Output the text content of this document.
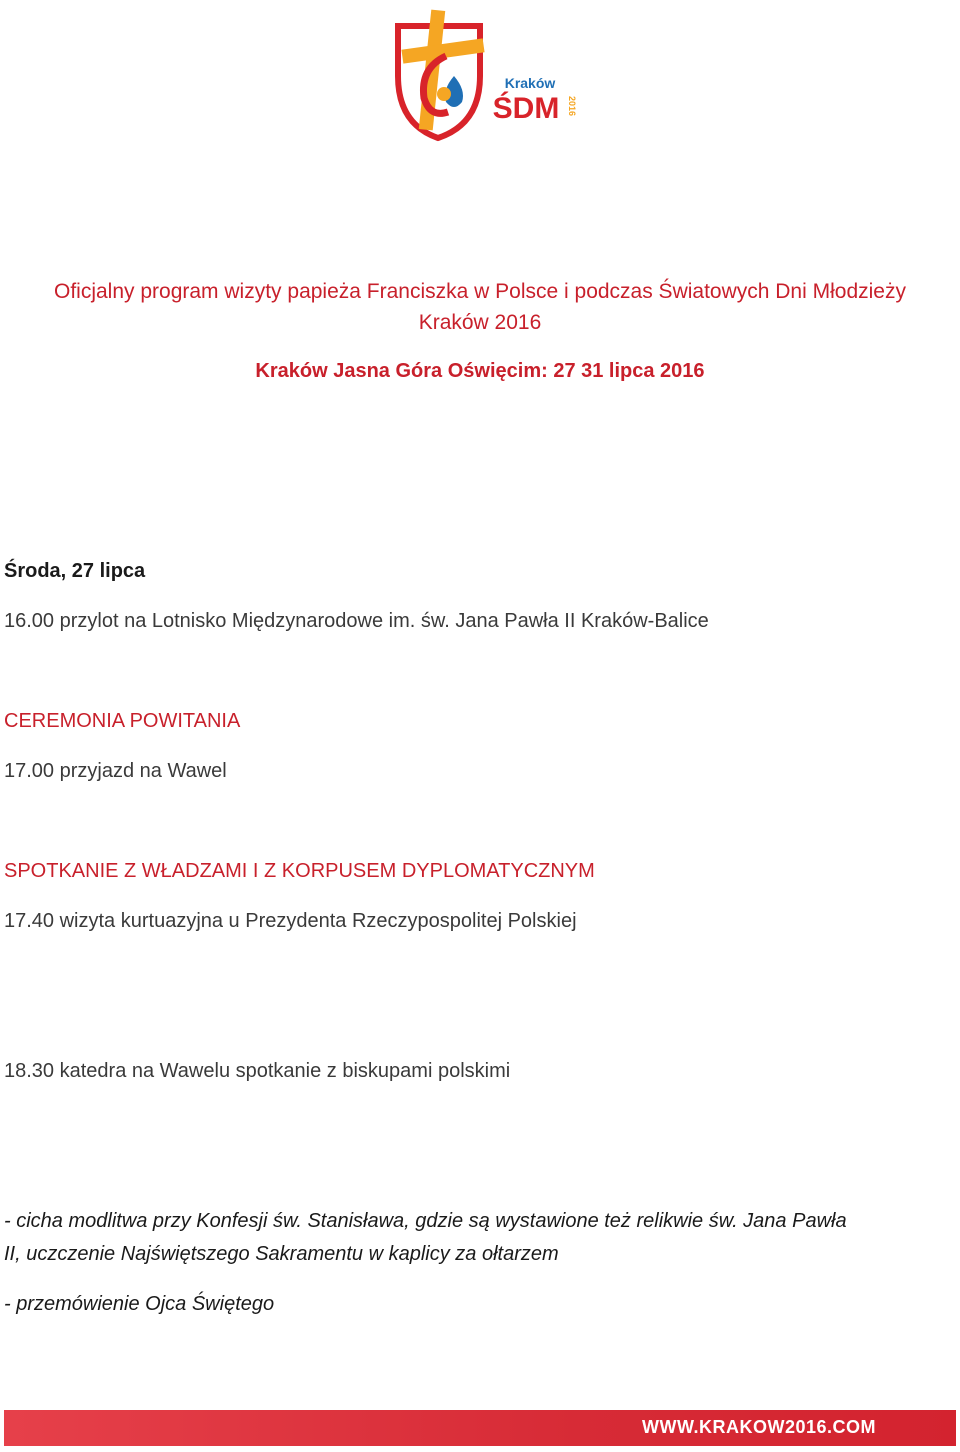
Kraków
ŚDM 2016
Oficjalny program wizyty papieża Franciszka w Polsce i podczas Światowych Dni Młodzieży
Kraków 2016
Kraków Jasna Góra Oświęcim: 27 31 lipca 2016
Środa, 27 lipca
16.00 przylot na Lotnisko Międzynarodowe im. św. Jana Pawła II Kraków-Balice
CEREMONIA POWITANIA
17.00 przyjazd na Wawel
SPOTKANIE Z WŁADZAMI I Z KORPUSEM DYPLOMATYCZNYM
17.40 wizyta kurtuazyjna u Prezydenta Rzeczypospolitej Polskiej
18.30 katedra na Wawelu spotkanie z biskupami polskimi
- cicha modlitwa przy Konfesji św. Stanisława, gdzie są wystawione też relikwie św. Jana Pawła
II, uczczenie Najświętszego Sakramentu w kaplicy za ołtarzem
- przemówienie Ojca Świętego
WWW.KRAKOW2016.COM
